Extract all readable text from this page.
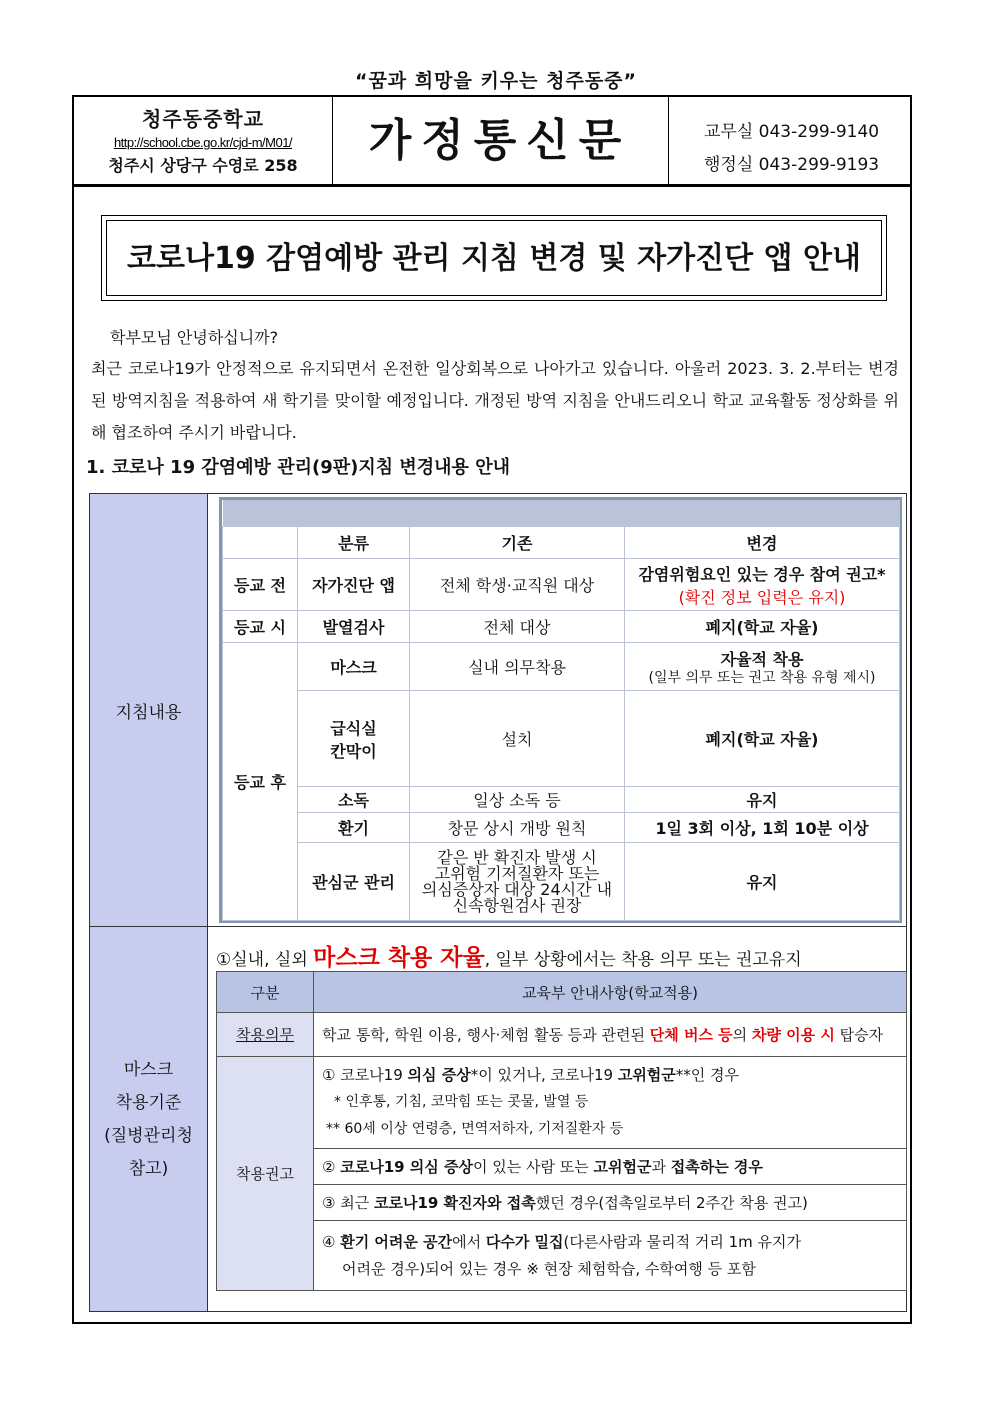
“꿈과 희망을 키우는 청주동중”
청주동중학교
http://school.cbe.go.kr/cjd-m/M01/
청주시 상당구 수영로 258	가정통신문	교무실 043-299-9140
행정실 043-299-9193
코로나19 감염예방 관리 지침 변경 및 자가진단 앱 안내
학부모님 안녕하십니까?
최근 코로나19가 안정적으로 유지되면서 온전한 일상회복으로 나아가고 있습니다. 아울러 2023. 3. 2.부터는 변경된 방역지침을 적용하여 새 학기를 맞이할 예정입니다. 개정된 방역 지침을 안내드리오니 학교 교육활동 정상화를 위해 협조하여 주시기 바랍니다.
1. 코로나 19 감염예방 관리(9판)지침 변경내용 안내
지침내용

	분류	기존	변경
등교 전	자가진단 앱	전체 학생·교직원 대상	감염위험요인 있는 경우 참여 권고*
(확진 정보 입력은 유지)

등교 시	발열검사	전체 대상	폐지(학교 자율)
등교 후	마스크	실내 의무착용	자율적 착용
(일부 의무 또는 권고 착용 유형 제시)

	급식실
칸막이	설치	폐지(학교 자율)
	소독	일상 소독 등	유지
	환기	창문 상시 개방 원칙	1일 3회 이상, 1회 10분 이상
	관심군 관리	같은 반 확진자 발생 시
고위험 기저질환자 또는
의심증상자 대상 24시간 내
신속항원검사 권장	유지
마스크
착용기준
(질병관리청
참고)
①실내, 실외 마스크 착용 자율, 일부 상황에서는 착용 의무 또는 권고유지
구분	교육부 안내사항(학교적용)
착용의무	학교 통학, 학원 이용, 행사·체험 활동 등과 관련된 단체 버스 등의 차량 이용 시 탑승자
착용권고	① 코로나19 의심 증상*이 있거나, 코로나19 고위험군**인 경우
* 인후통, 기침, 코막힘 또는 콧물, 발열 등
** 60세 이상 연령층, 면역저하자, 기저질환자 등

	② 코로나19 의심 증상이 있는 사람 또는 고위험군과 접촉하는 경우
	③ 최근 코로나19 확진자와 접촉했던 경우(접촉일로부터 2주간 착용 권고)

	④ 환기 어려운 공간에서 다수가 밀집(다른사람과 물리적 거리 1m 유지가
어려운 경우)되어 있는 경우 ※ 현장 체험학습, 수학여행 등 포함
